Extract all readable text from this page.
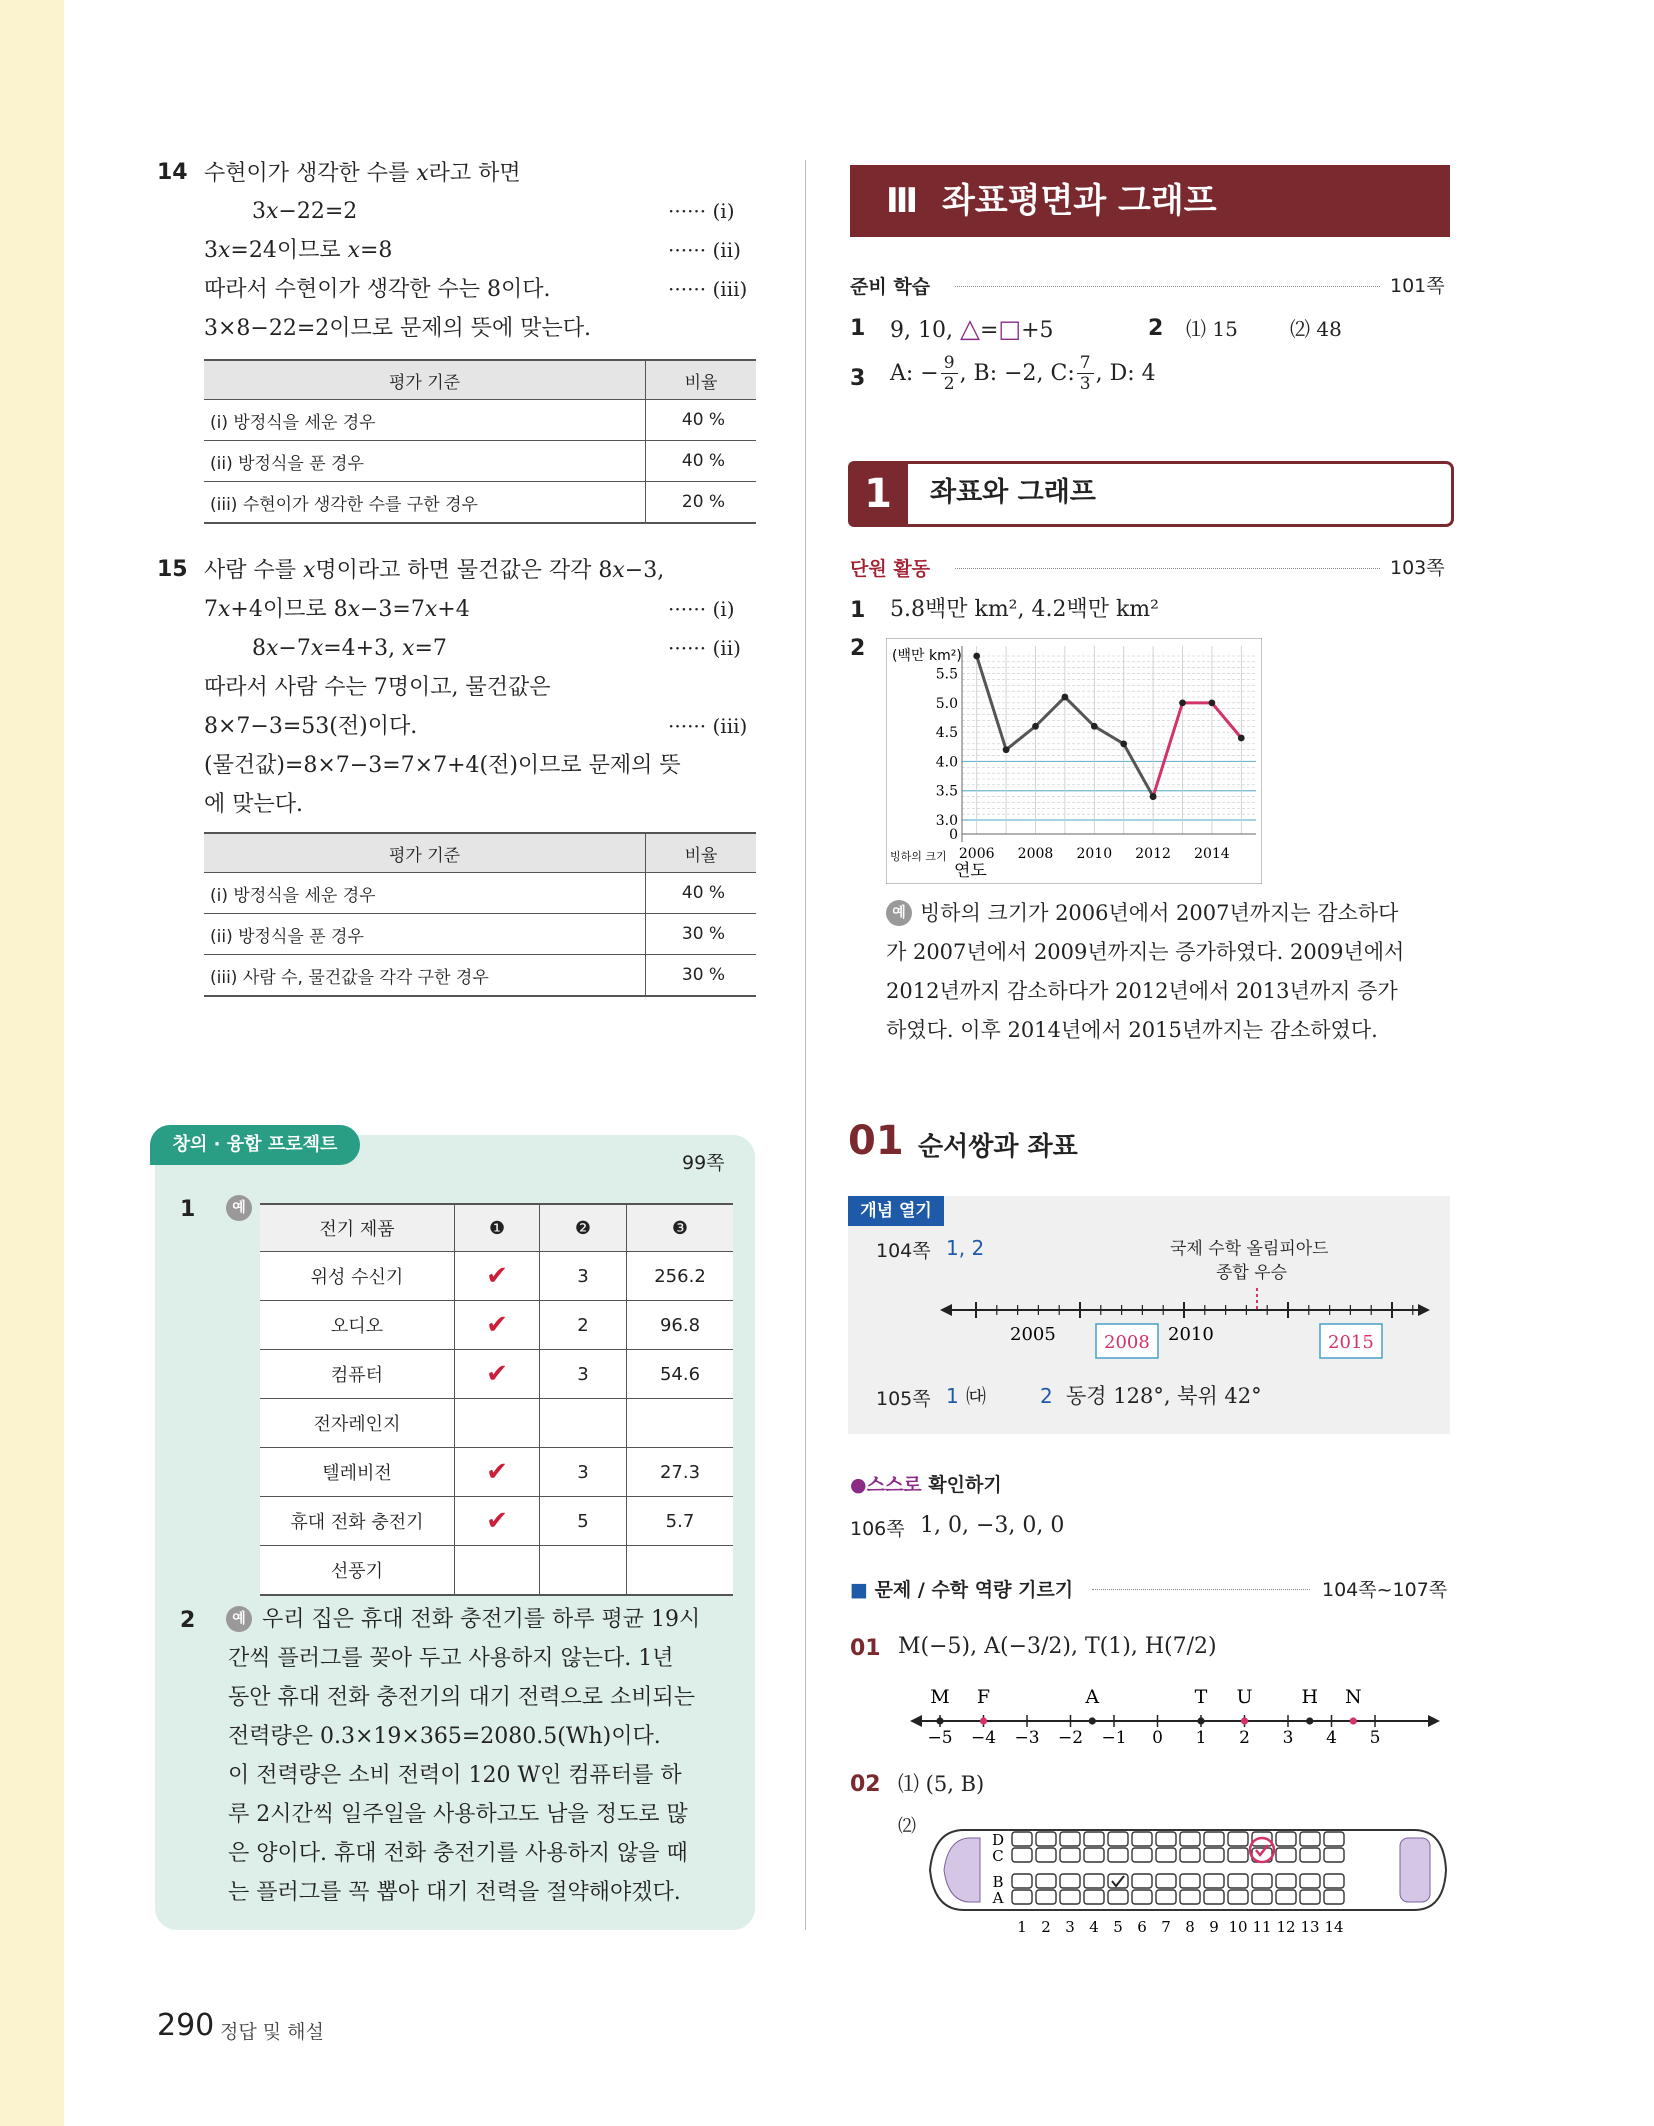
14 수현이가 생각한 수를 𝑥라고 하면
3𝑥−22=2
3𝑥=24이므로 𝑥=8
따라서 수현이가 생각한 수는 8이다.
3×8−22=2이므로 문제의 뜻에 맞는다.
······ (i)
······ (ii)
······ (iii)
평가 기준	비율
(i) 방정식을 세운 경우	40 %
(ii) 방정식을 푼 경우	40 %
(iii) 수현이가 생각한 수를 구한 경우	20 %
15 사람 수를 𝑥명이라고 하면 물건값은 각각 8𝑥−3,
7𝑥+4이므로 8𝑥−3=7𝑥+4
8𝑥−7𝑥=4+3, 𝑥=7
따라서 사람 수는 7명이고, 물건값은
8×7−3=53(전)이다.
(물건값)=8×7−3=7×7+4(전)이므로 문제의 뜻
에 맞는다.
······ (i)
······ (ii)
······ (iii)
평가 기준	비율
(i) 방정식을 세운 경우	40 %
(ii) 방정식을 푼 경우	30 %
(iii) 사람 수, 물건값을 각각 구한 경우	30 %
창의 · 융합 프로젝트
99쪽
1	예
전기 제품	❶	❷	❸
위성 수신기	✔	3	256.2
오디오	✔	2	96.8
컴퓨터	✔	3	54.6
전자레인지			
텔레비전	✔	3	27.3
휴대 전화 충전기	✔	5	5.7
선풍기			
2	예 우리 집은 휴대 전화 충전기를 하루 평균 19시
간씩 플러그를 꽂아 두고 사용하지 않는다. 1년
동안 휴대 전화 충전기의 대기 전력으로 소비되는
전력량은 0.3×19×365=2080.5(Wh)이다.
이 전력량은 소비 전력이 120 W인 컴퓨터를 하
루 2시간씩 일주일을 사용하고도 남을 정도로 많
은 양이다. 휴대 전화 충전기를 사용하지 않을 때
는 플러그를 꼭 뽑아 대기 전력을 절약해야겠다.
290 정답 및 해설
Ⅲ 좌표평면과 그래프
준비 학습	101쪽
1 9, 10, △=□+5	2 ⑴ 15	⑵ 48
3 A: − $\frac{9}{2}$ , B: −2, C: 7
3 , D: 4
1	좌표와 그래프
단원 활동	103쪽
1 5.8백만 km², 4.2백만 km²
2
0
3.0
3.5
4.0
4.5
5.0
5.5
2006 2008 2010 2012 2014
(백만 km²)
빙하의 크기
연도
예 빙하의 크기가 2006년에서 2007년까지는 감소하다
가 2007년에서 2009년까지는 증가하였다. 2009년에서
2012년까지 감소하다가 2012년에서 2013년까지 증가
하였다. 이후 2014년에서 2015년까지는 감소하였다.
01 순서쌍과 좌표
개념 열기
104쪽 1, 2	국제 수학 올림피아드
종합 우승
2005	2008 2010	2015
105쪽 1 ㈐	2 동경 128°, 북위 42°
●스스로 확인하기
106쪽 1, 0, −3, 0, 0
■ 문제 / 수학 역량 기르기	104쪽~107쪽
01 M(−5), A(−3/2), T(1), H(7/2)
−5 −4 −3 −2 −1 0 1 2 3 4 5
M F	A	T U	H N
02 ⑴ (5, B)
⑵
D
C
B
A
1 2 3 4 5 6 7 8 9 10 11 12 13 14
